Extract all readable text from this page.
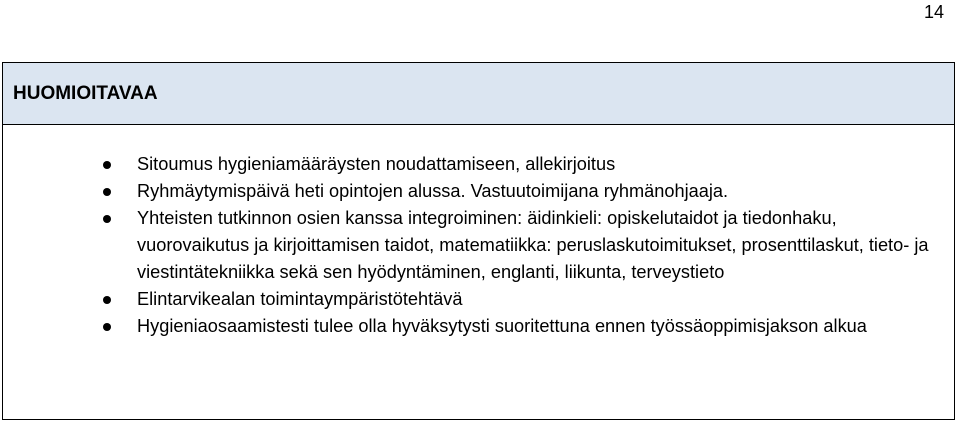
14
HUOMIOITAVAA
Sitoumus hygieniamääräysten noudattamiseen, allekirjoitus
Ryhmäytymispäivä heti opintojen alussa. Vastuutoimijana ryhmänohjaaja.
Yhteisten tutkinnon osien kanssa integroiminen: äidinkieli: opiskelutaidot ja tiedonhaku, vuorovaikutus ja kirjoittamisen taidot, matematiikka: peruslaskutoimitukset, prosenttilaskut, tieto- ja viestintätekniikka sekä sen hyödyntäminen, englanti, liikunta, terveystieto
Elintarvikealan toimintaympäristötehtävä
Hygieniaosaamistesti tulee olla hyväksytysti suoritettuna ennen työssäoppimisjakson alkua
